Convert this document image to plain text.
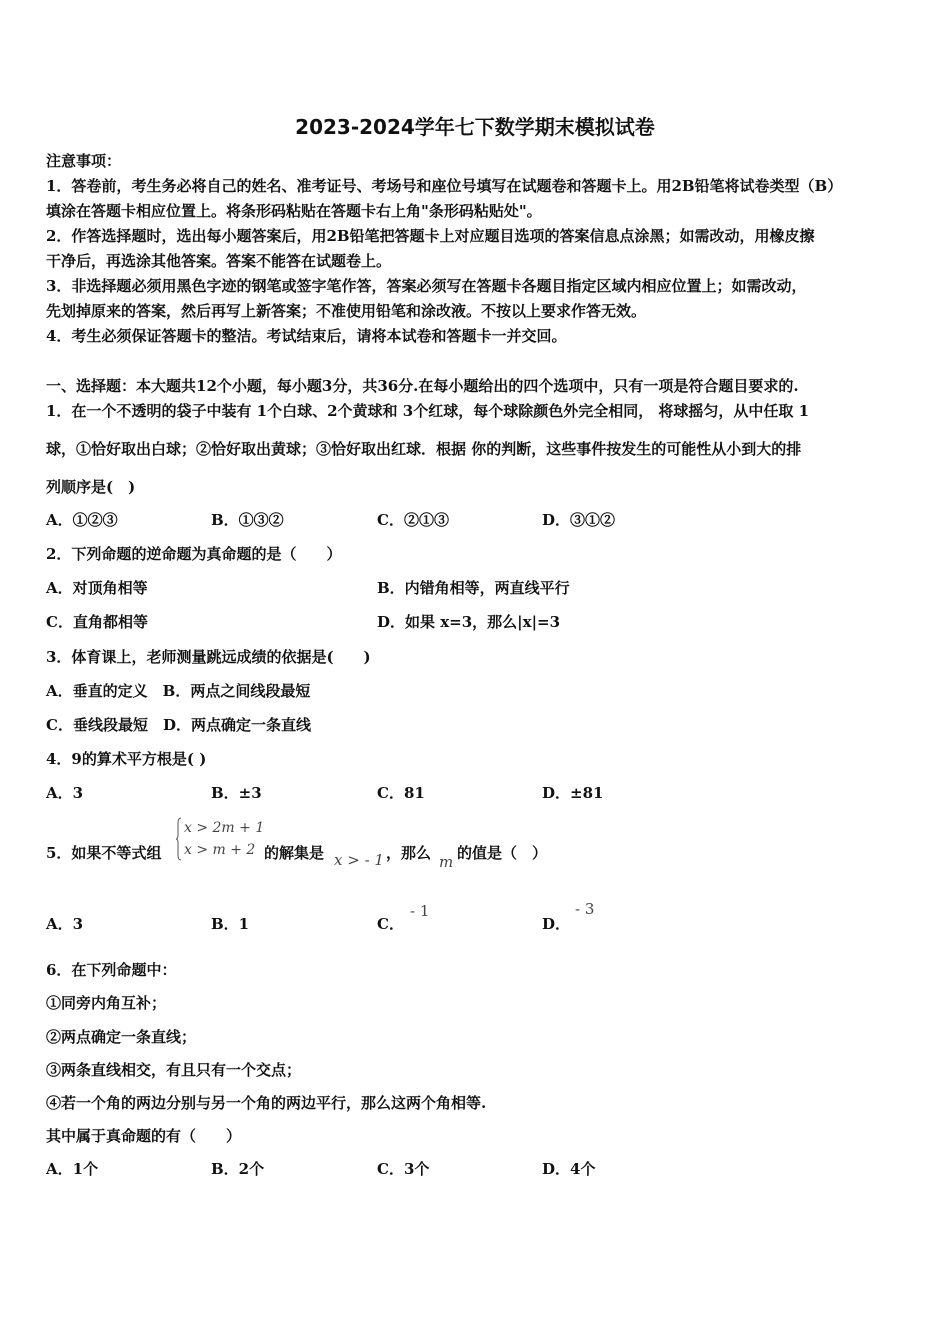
2023-2024学年七下数学期末模拟试卷
注意事项：
1．答卷前，考生务必将自己的姓名、准考证号、考场号和座位号填写在试题卷和答题卡上。用2B铅笔将试卷类型（B）
填涂在答题卡相应位置上。将条形码粘贴在答题卡右上角"条形码粘贴处"。
2．作答选择题时，选出每小题答案后，用2B铅笔把答题卡上对应题目选项的答案信息点涂黑；如需改动，用橡皮擦
干净后，再选涂其他答案。答案不能答在试题卷上。
3．非选择题必须用黑色字迹的钢笔或签字笔作答，答案必须写在答题卡各题目指定区域内相应位置上；如需改动，
先划掉原来的答案，然后再写上新答案；不准使用铅笔和涂改液。不按以上要求作答无效。
4．考生必须保证答题卡的整洁。考试结束后，请将本试卷和答题卡一并交回。
一、选择题：本大题共12个小题，每小题3分，共36分.在每小题给出的四个选项中，只有一项是符合题目要求的.
1．在一个不透明的袋子中装有 1个白球、2个黄球和 3个红球，每个球除颜色外完全相同， 将球摇匀，从中任取 1
球，①恰好取出白球；②恰好取出黄球；③恰好取出红球．根据 你的判断，这些事件按发生的可能性从小到大的排
列顺序是(　)
A．①②③	B．①③②	C．②①③	D．③①②
2．下列命题的逆命题为真命题的是（　　）
A．对顶角相等	B．内错角相等，两直线平行
C．直角都相等	D．如果 x=3，那么|x|=3
3．体育课上，老师测量跳远成绩的依据是(　　)
A．垂直的定义　B．两点之间线段最短
C．垂线段最短　D．两点确定一条直线
4．9的算术平方根是( )
A．3	B．±3	C．81	D．±81
5．如果不等式组
x > 2m + 1
x > m + 2 的解集是 x > - 1 ，那么 m 的值是（　）
A．3	B．1	C．
- 1
D．
- 3
6．在下列命题中：
①同旁内角互补；
②两点确定一条直线；
③两条直线相交，有且只有一个交点；
④若一个角的两边分别与另一个角的两边平行，那么这两个角相等.
其中属于真命题的有（　　）
A．1个	B．2个	C．3个	D．4个
